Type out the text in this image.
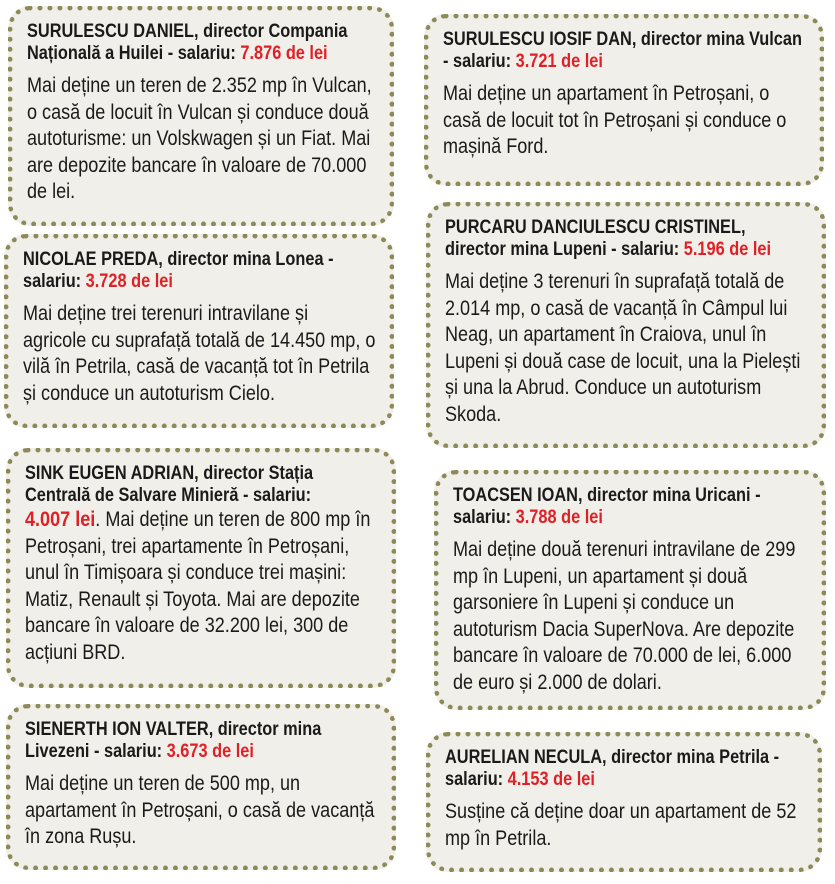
SURULESCU DANIEL, director Compania Națională a Huilei - salariu: 7.876 de lei
Mai deține un teren de 2.352 mp în Vulcan, o casă de locuit în Vulcan și conduce două autoturisme: un Volskwagen și un Fiat. Mai are depozite bancare în valoare de 70.000 de lei.
NICOLAE PREDA, director mina Lonea - salariu: 3.728 de lei
Mai deține trei terenuri intravilane și agricole cu suprafață totală de 14.450 mp, o vilă în Petrila, casă de vacanță tot în Petrila și conduce un autoturism Cielo.
SINK EUGEN ADRIAN, director Stația Centrală de Salvare Minieră - salariu:
4.007 lei. Mai deține un teren de 800 mp în Petroșani, trei apartamente în Petroșani, unul în Timișoara și conduce trei mașini: Matiz, Renault și Toyota. Mai are depozite bancare în valoare de 32.200 lei, 300 de acțiuni BRD.
SIENERTH ION VALTER, director mina Livezeni - salariu: 3.673 de lei
Mai deține un teren de 500 mp, un apartament în Petroșani, o casă de vacanță în zona Rușu.
SURULESCU IOSIF DAN, director mina Vulcan - salariu: 3.721 de lei
Mai deține un apartament în Petroșani, o casă de locuit tot în Petroșani și conduce o mașină Ford.
PURCARU DANCIULESCU CRISTINEL, director mina Lupeni - salariu: 5.196 de lei
Mai deține 3 terenuri în suprafață totală de 2.014 mp, o casă de vacanță în Câmpul lui Neag, un apartament în Craiova, unul în Lupeni și două case de locuit, una la Pielești și una la Abrud. Conduce un autoturism Skoda.
TOACSEN IOAN, director mina Uricani - salariu: 3.788 de lei
Mai deține două terenuri intravilane de 299 mp în Lupeni, un apartament și două garsoniere în Lupeni și conduce un autoturism Dacia SuperNova. Are depozite bancare în valoare de 70.000 de lei, 6.000 de euro și 2.000 de dolari.
AURELIAN NECULA, director mina Petrila - salariu: 4.153 de lei
Susține că deține doar un apartament de 52 mp în Petrila.
